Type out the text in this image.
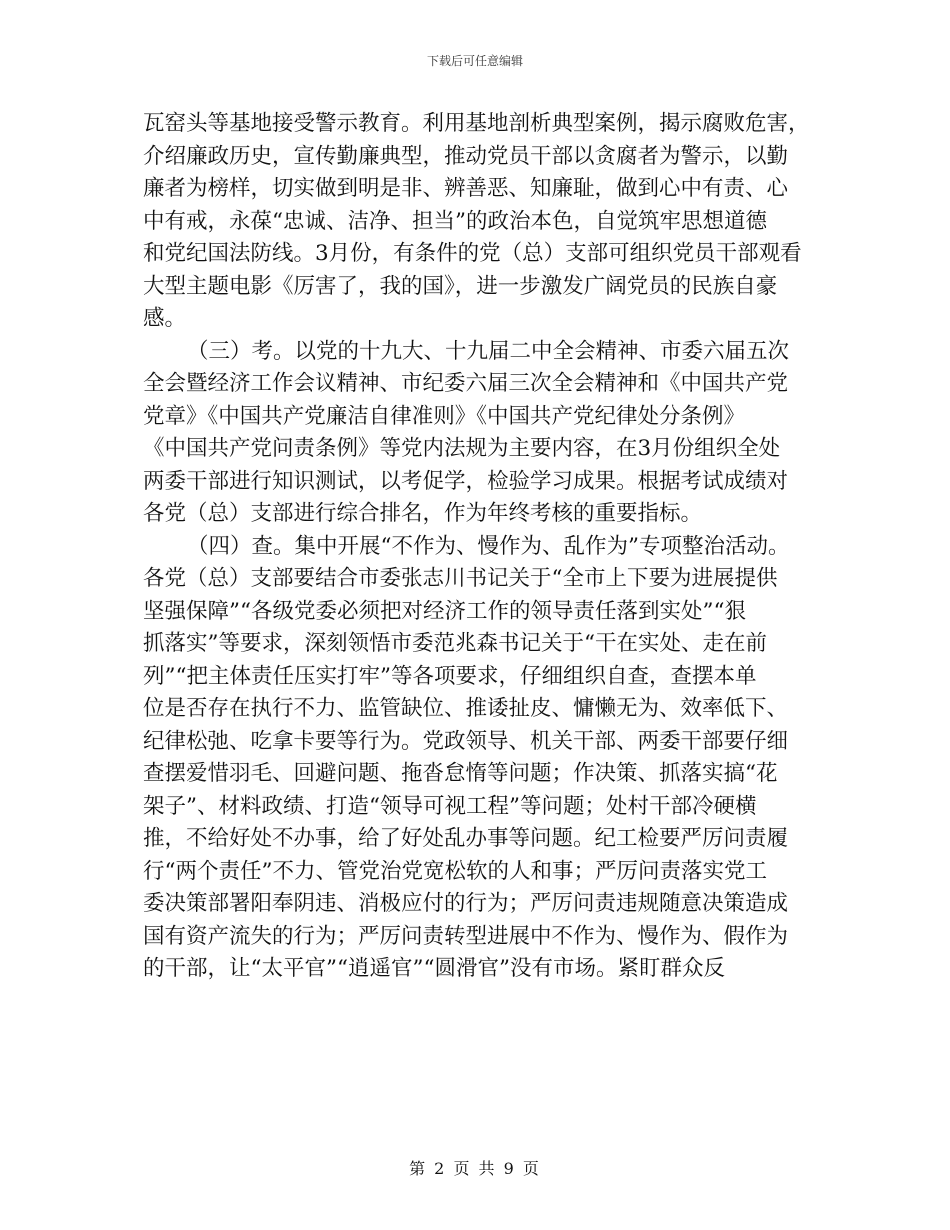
下载后可任意编辑
瓦窑头等基地接受警示教育。利用基地剖析典型案例，揭示腐败危害，
介绍廉政历史，宣传勤廉典型，推动党员干部以贪腐者为警示，以勤
廉者为榜样，切实做到明是非、辨善恶、知廉耻，做到心中有责、心
中有戒，永葆“忠诚、洁净、担当”的政治本色，自觉筑牢思想道德
和党纪国法防线。3月份，有条件的党（总）支部可组织党员干部观看
大型主题电影《厉害了，我的国》，进一步激发广阔党员的民族自豪
感。
（三）考。以党的十九大、十九届二中全会精神、市委六届五次
全会暨经济工作会议精神、市纪委六届三次全会精神和《中国共产党
党章》《中国共产党廉洁自律准则》《中国共产党纪律处分条例》
《中国共产党问责条例》等党内法规为主要内容，在3月份组织全处
两委干部进行知识测试，以考促学，检验学习成果。根据考试成绩对
各党（总）支部进行综合排名，作为年终考核的重要指标。
（四）查。集中开展“不作为、慢作为、乱作为”专项整治活动。
各党（总）支部要结合市委张志川书记关于“全市上下要为进展提供
坚强保障”“各级党委必须把对经济工作的领导责任落到实处”“狠
抓落实”等要求，深刻领悟市委范兆森书记关于“干在实处、走在前
列”“把主体责任压实打牢”等各项要求，仔细组织自查，查摆本单
位是否存在执行不力、监管缺位、推诿扯皮、慵懒无为、效率低下、
纪律松弛、吃拿卡要等行为。党政领导、机关干部、两委干部要仔细
查摆爱惜羽毛、回避问题、拖沓怠惰等问题；作决策、抓落实搞“花
架子”、材料政绩、打造“领导可视工程”等问题；处村干部冷硬横
推，不给好处不办事，给了好处乱办事等问题。纪工检要严厉问责履
行“两个责任”不力、管党治党宽松软的人和事；严厉问责落实党工
委决策部署阳奉阴违、消极应付的行为；严厉问责违规随意决策造成
国有资产流失的行为；严厉问责转型进展中不作为、慢作为、假作为
的干部，让“太平官”“逍遥官”“圆滑官”没有市场。紧盯群众反
第 2 页 共 9 页
